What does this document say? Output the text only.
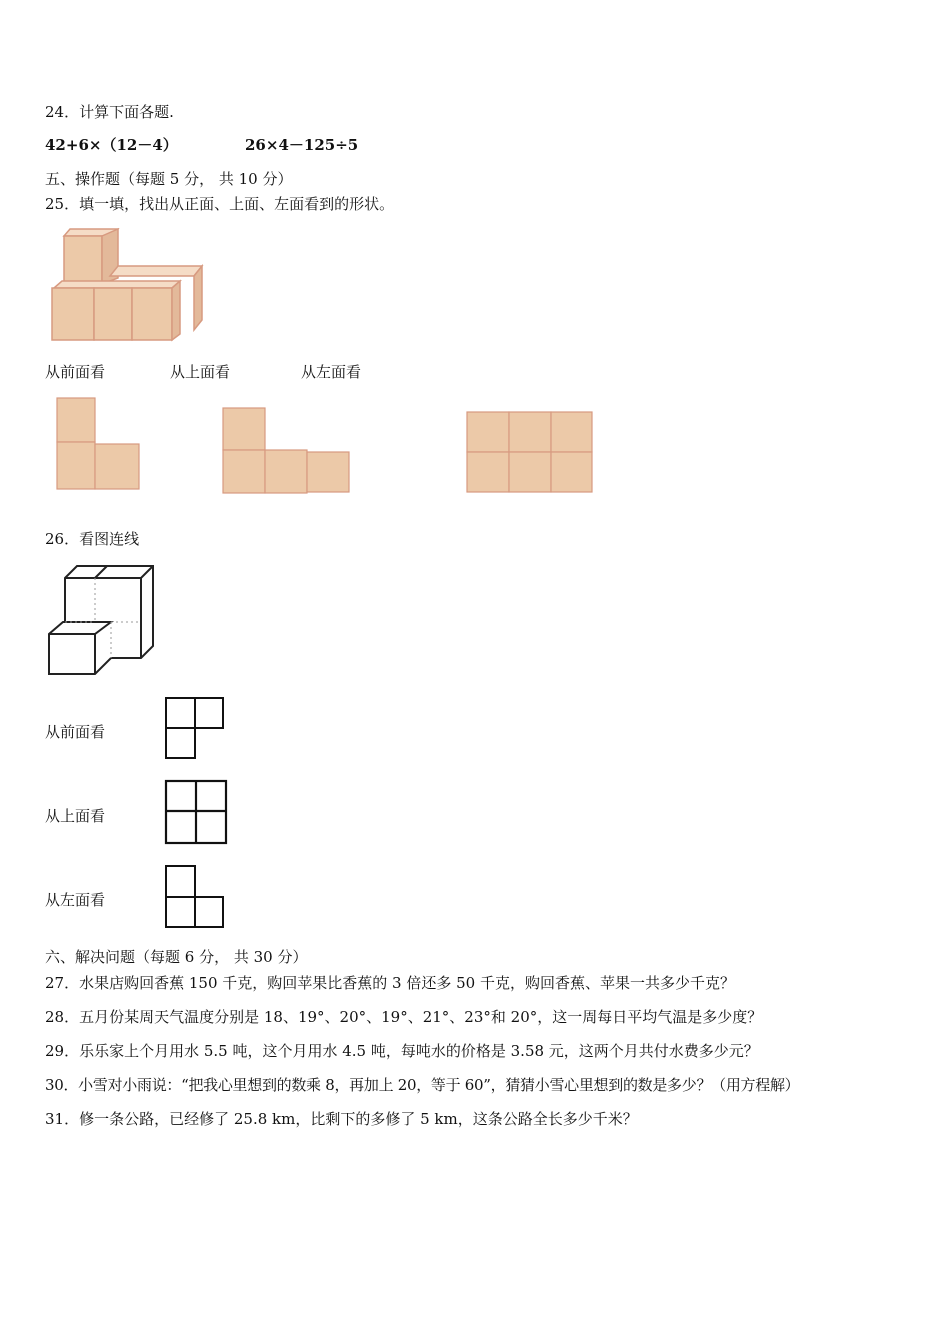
24．计算下面各题.
42+6×（12－4）	26×4－125÷5
五、操作题（每题 5 分， 共 10 分）
25．填一填，找出从正面、上面、左面看到的形状。
从前面看	从上面看	从左面看
26．看图连线
从前面看
从上面看
从左面看
六、解决问题（每题 6 分， 共 30 分）
27．水果店购回香蕉 150 千克，购回苹果比香蕉的 3 倍还多 50 千克，购回香蕉、苹果一共多少千克？
28．五月份某周天气温度分别是 18、19°、20°、19°、21°、23°和 20°，这一周每日平均气温是多少度？
29．乐乐家上个月用水 5.5 吨，这个月用水 4.5 吨，每吨水的价格是 3.58 元，这两个月共付水费多少元？
30．小雪对小雨说：“把我心里想到的数乘 8，再加上 20，等于 60”，猜猜小雪心里想到的数是多少？（用方程解）
31．修一条公路，已经修了 25.8 km，比剩下的多修了 5 km，这条公路全长多少千米？
